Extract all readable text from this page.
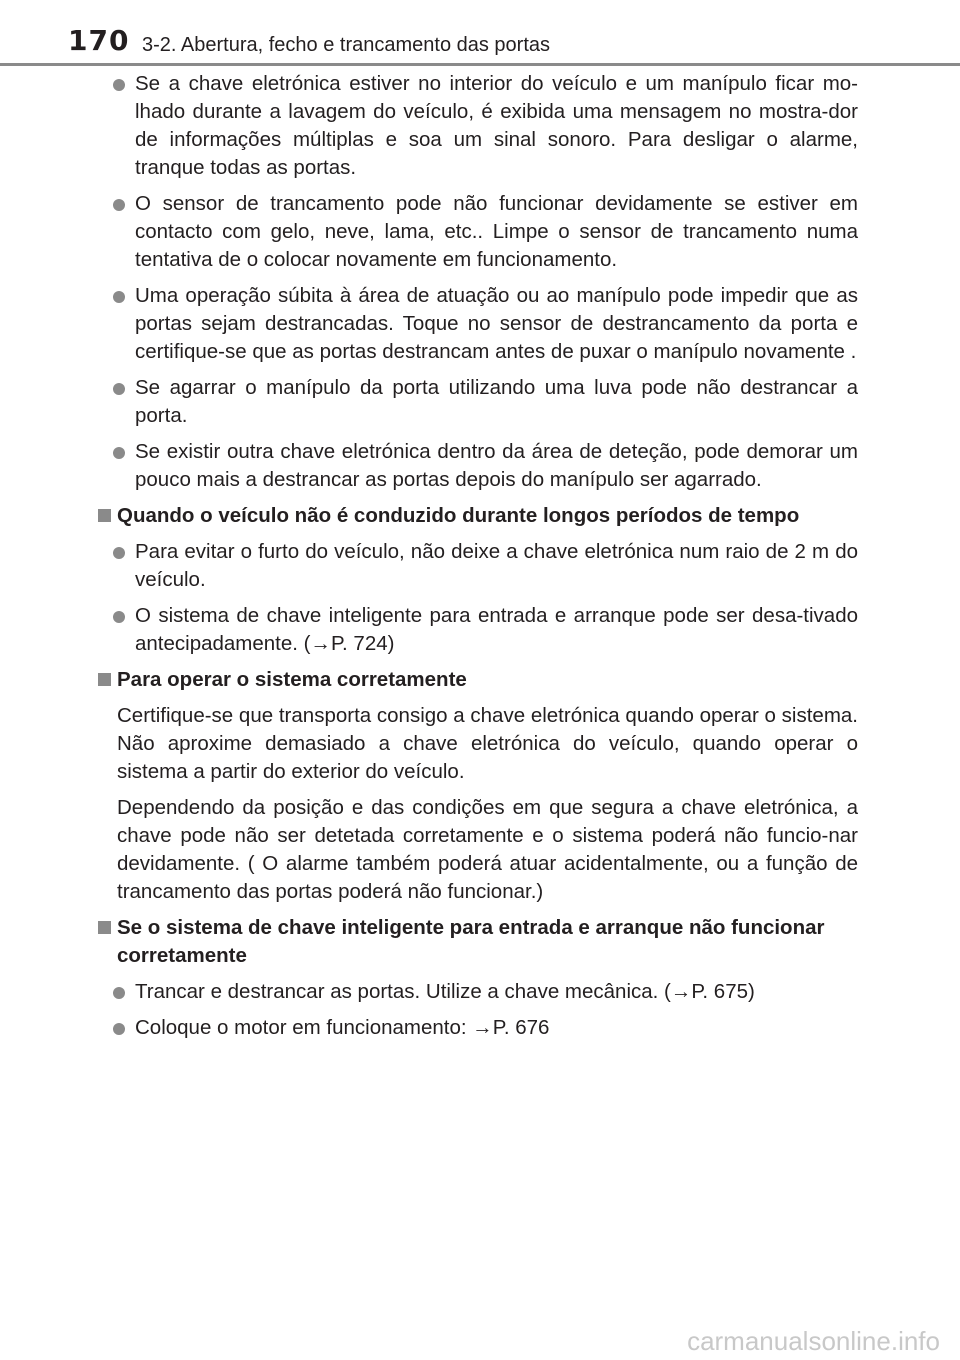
170 3-2. Abertura, fecho e trancamento das portas
Se a chave eletrónica estiver no interior do veículo e um manípulo ficar mo-lhado durante a lavagem do veículo, é exibida uma mensagem no mostra-dor de informações múltiplas e soa um sinal sonoro. Para desligar o alarme, tranque todas as portas.
O sensor de trancamento pode não funcionar devidamente se estiver em contacto com gelo, neve, lama, etc.. Limpe o sensor de trancamento numa tentativa de o colocar novamente em funcionamento.
Uma operação súbita à área de atuação ou ao manípulo pode impedir que as portas sejam destrancadas. Toque no sensor de destrancamento da porta e certifique-se que as portas destrancam antes de puxar o manípulo novamente .
Se agarrar o manípulo da porta utilizando uma luva pode não destrancar a porta.
Se existir outra chave eletrónica dentro da área de deteção, pode demorar um pouco mais a destrancar as portas depois do manípulo ser agarrado.
Quando o veículo não é conduzido durante longos períodos de tempo
Para evitar o furto do veículo, não deixe a chave eletrónica num raio de 2 m do veículo.
O sistema de chave inteligente para entrada e arranque pode ser desa-tivado antecipadamente. (→P. 724)
Para operar o sistema corretamente
Certifique-se que transporta consigo a chave eletrónica quando operar o sistema. Não aproxime demasiado a chave eletrónica do veículo, quando operar o sistema a partir do exterior do veículo.
Dependendo da posição e das condições em que segura a chave eletrónica, a chave pode não ser detetada corretamente e o sistema poderá não funcio-nar devidamente. ( O alarme também poderá atuar acidentalmente, ou a função de trancamento das portas poderá não funcionar.)
Se o sistema de chave inteligente para entrada e arranque não funcionar corretamente
Trancar e destrancar as portas. Utilize a chave mecânica. (→P. 675)
Coloque o motor em funcionamento: →P. 676
carmanualsonline.info
